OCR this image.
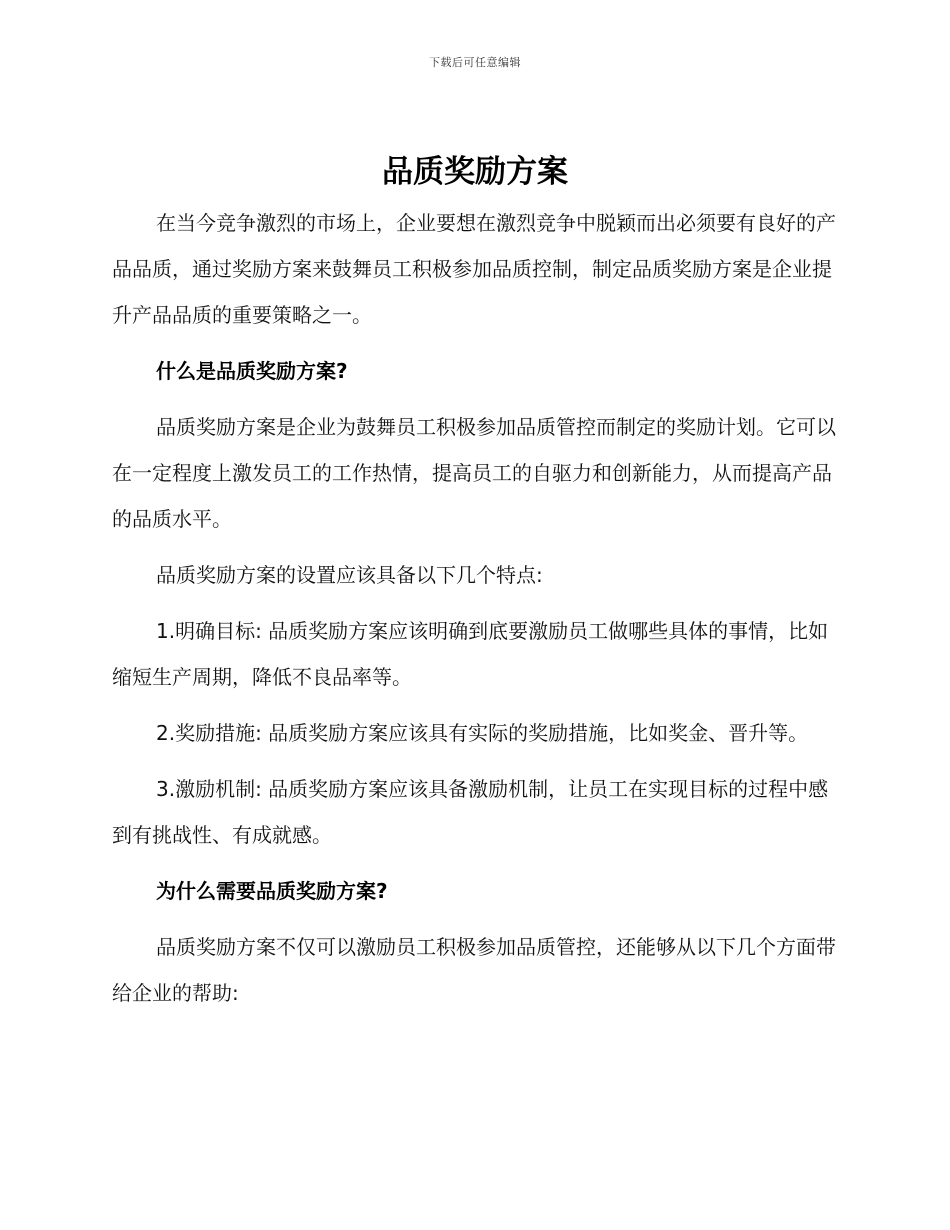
下载后可任意编辑
品质奖励方案

在当今竞争激烈的市场上，企业要想在激烈竞争中脱颖而出必须要有良好的产品品质，通过奖励方案来鼓舞员工积极参加品质控制，制定品质奖励方案是企业提升产品品质的重要策略之一。

什么是品质奖励方案?

品质奖励方案是企业为鼓舞员工积极参加品质管控而制定的奖励计划。它可以在一定程度上激发员工的工作热情，提高员工的自驱力和创新能力，从而提高产品的品质水平。

品质奖励方案的设置应该具备以下几个特点:

1.明确目标: 品质奖励方案应该明确到底要激励员工做哪些具体的事情，比如缩短生产周期，降低不良品率等。

2.奖励措施: 品质奖励方案应该具有实际的奖励措施，比如奖金、晋升等。

3.激励机制: 品质奖励方案应该具备激励机制，让员工在实现目标的过程中感到有挑战性、有成就感。

为什么需要品质奖励方案?

品质奖励方案不仅可以激励员工积极参加品质管控，还能够从以下几个方面带给企业的帮助:
